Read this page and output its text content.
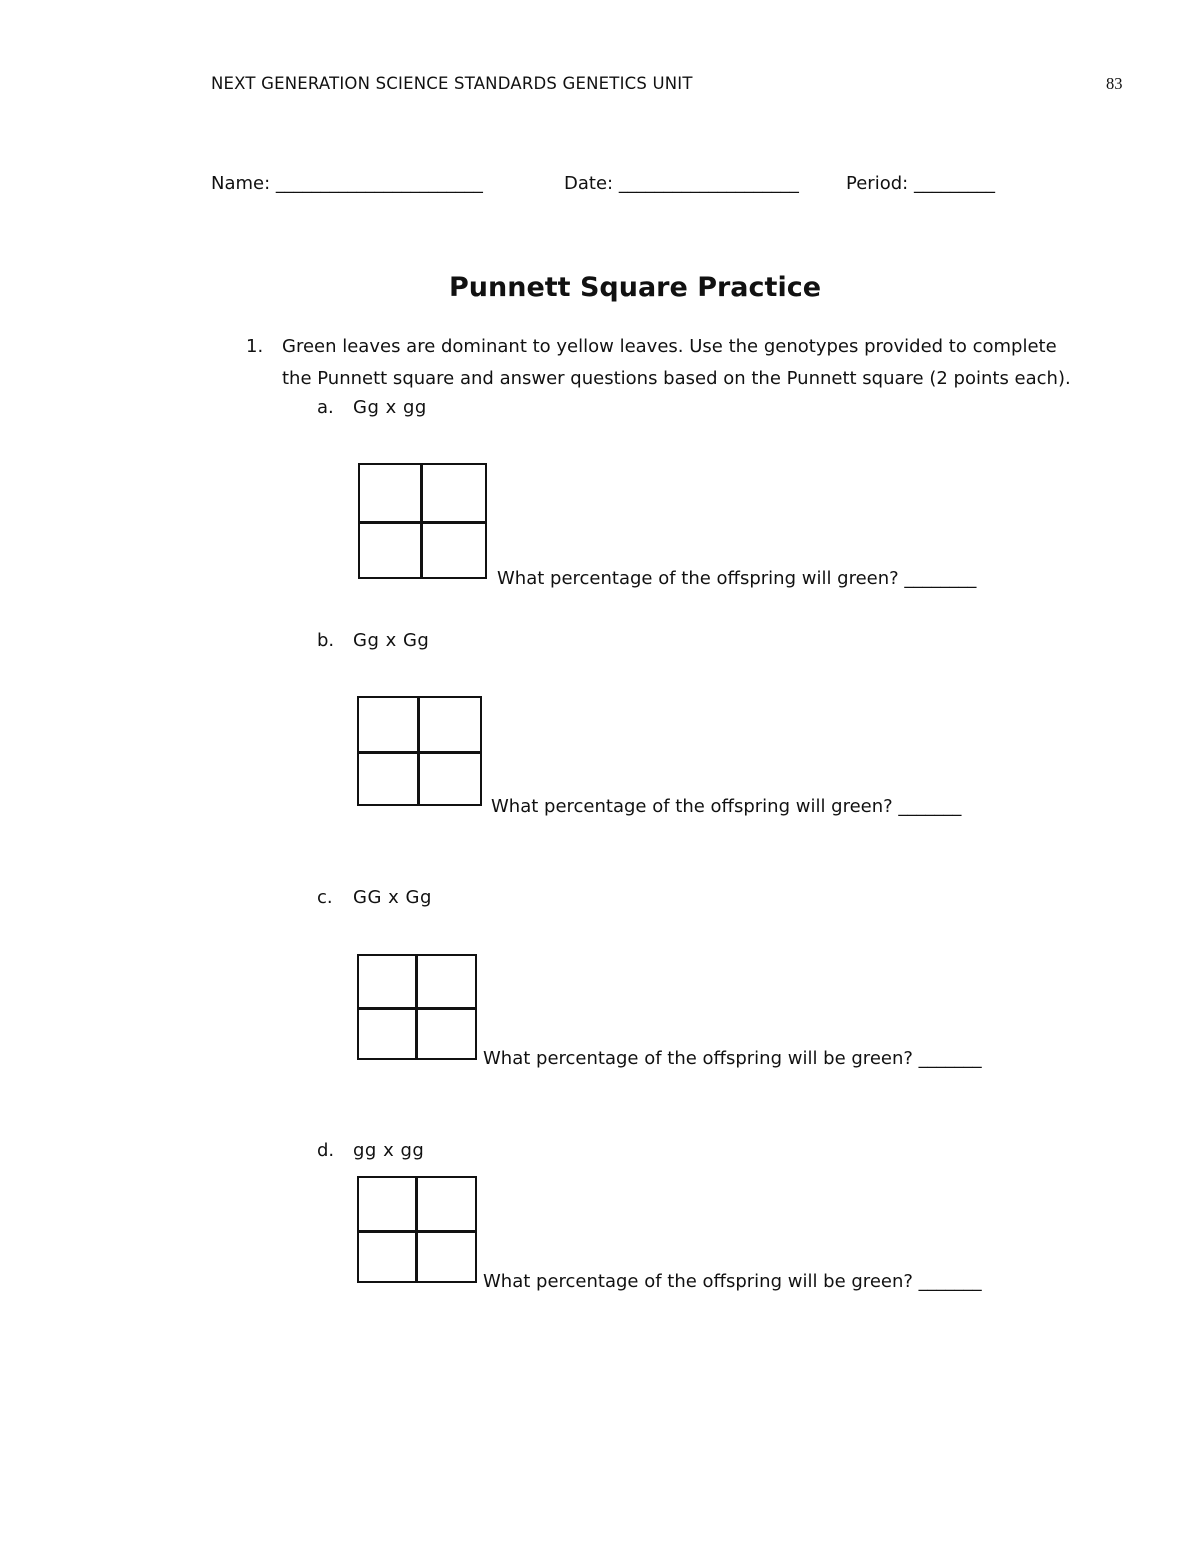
NEXT GENERATION SCIENCE STANDARDS GENETICS UNIT	83
Name: _______________________	Date: ____________________	Period: _________
Punnett Square Practice
1. Green leaves are dominant to yellow leaves. Use the genotypes provided to complete
the Punnett square and answer questions based on the Punnett square (2 points each).
a. Gg x gg
What percentage of the offspring will green? ________
b. Gg x Gg
What percentage of the offspring will green? _______
c. GG x Gg
What percentage of the offspring will be green? _______
d. gg x gg
What percentage of the offspring will be green? _______
